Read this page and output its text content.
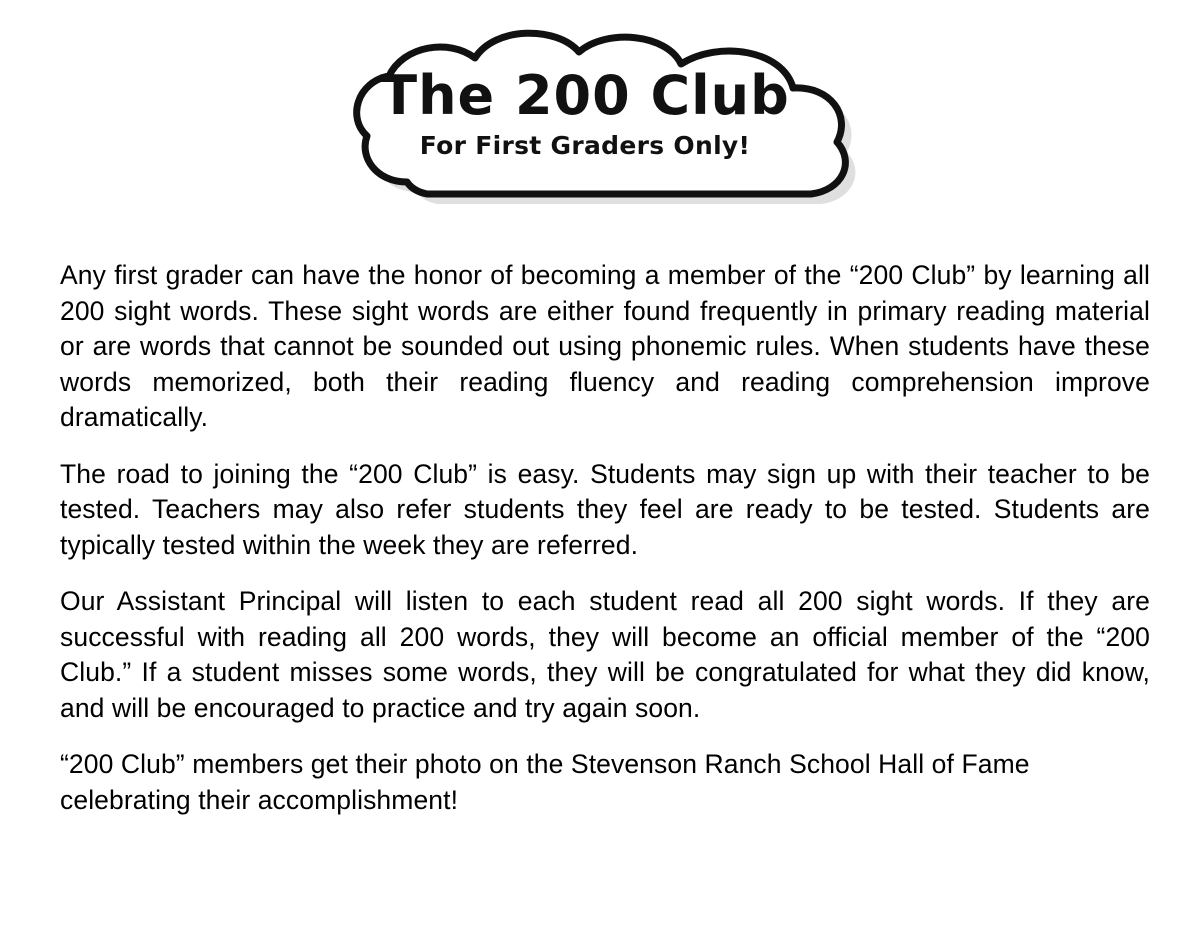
The 200 Club
For First Graders Only!

Any first grader can have the honor of becoming a member of the “200 Club” by learning all 200 sight words. These sight words are either found frequently in primary reading material or are words that cannot be sounded out using phonemic rules. When students have these words memorized, both their reading fluency and reading comprehension improve dramatically.

The road to joining the “200 Club” is easy. Students may sign up with their teacher to be tested. Teachers may also refer students they feel are ready to be tested. Students are typically tested within the week they are referred.

Our Assistant Principal will listen to each student read all 200 sight words. If they are successful with reading all 200 words, they will become an official member of the “200 Club.” If a student misses some words, they will be congratulated for what they did know, and will be encouraged to practice and try again soon.

“200 Club” members get their photo on the Stevenson Ranch School Hall of Fame celebrating their accomplishment!
